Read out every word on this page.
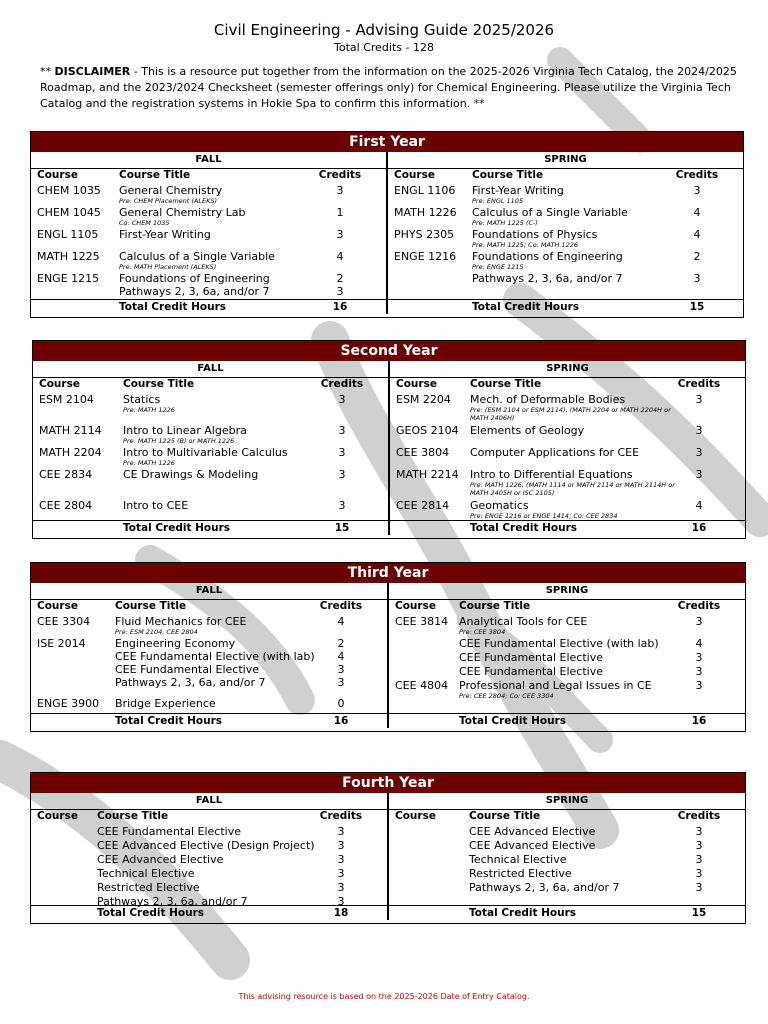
Civil Engineering - Advising Guide 2025/2026
Total Credits - 128
** DISCLAIMER - This is a resource put together from the information on the 2025-2026 Virginia Tech Catalog, the 2024/2025 Roadmap, and the 2023/2024 Checksheet (semester offerings only) for Chemical Engineering. Please utilize the Virginia Tech Catalog and the registration systems in Hokie Spa to confirm this information. **
First Year
FALL
Course	Course Title	Credits
CHEM 1035 General Chemistry	3
Pre: CHEM Placement (ALEKS)
CHEM 1045 General Chemistry Lab	1
Co: CHEM 1035
ENGL 1105 First-Year Writing	3
MATH 1225 Calculus of a Single Variable	4
Pre: MATH Placement (ALEKS)
ENGE 1215 Foundations of Engineering	2
Pathways 2, 3, 6a, and/or 7	3
Total Credit Hours	16
SPRING
Course	Course Title	Credits
ENGL 1106 First-Year Writing	3
Pre: ENGL 1105
MATH 1226 Calculus of a Single Variable	4
Pre: MATH 1225 (C-)
PHYS 2305 Foundations of Physics	4
Pre: MATH 1225; Co: MATH 1226
ENGE 1216 Foundations of Engineering	2
Pre: ENGE 1215
Pathways 2, 3, 6a, and/or 7	3
Total Credit Hours	15
Second Year
FALL
Course	Course Title	Credits
ESM 2104	Statics	3
Pre: MATH 1226
MATH 2114 Intro to Linear Algebra	3
Pre: MATH 1225 (B) or MATH 1226
MATH 2204 Intro to Multivariable Calculus	3
Pre: MATH 1226
CEE 2834	CE Drawings & Modeling	3
CEE 2804	Intro to CEE	3
Total Credit Hours	15
SPRING
Course	Course Title	Credits
ESM 2204 Mech. of Deformable Bodies	3
Pre: (ESM 2104 or ESM 2114), (MATH 2204 or MATH 2204H or MATH 2406H)
GEOS 2104 Elements of Geology	3
CEE 3804 Computer Applications for CEE	3
MATH 2214 Intro to Differential Equations	3
Pre: MATH 1226, (MATH 1114 or MATH 2114 or MATH 2114H or MATH 2405H or ISC 2105)
CEE 2814 Geomatics	4
Pre: ENGE 1216 or ENGE 1414; Co: CEE 2834
Total Credit Hours	16
Third Year
FALL
Course	Course Title	Credits
CEE 3304 Fluid Mechanics for CEE	4
Pre: ESM 2104, CEE 2804
ISE 2014	Engineering Economy	2
CEE Fundamental Elective (with lab)	4
CEE Fundamental Elective	3
Pathways 2, 3, 6a, and/or 7	3
ENGE 3900 Bridge Experience	0
Total Credit Hours	16
SPRING
Course Course Title	Credits
CEE 3814 Analytical Tools for CEE	3
Pre: CEE 3804
CEE Fundamental Elective (with lab)	4
CEE Fundamental Elective	3
CEE Fundamental Elective	3
CEE 4804 Professional and Legal Issues in CE	3
Pre: CEE 2804; Co: CEE 3304
Total Credit Hours	16
Fourth Year
FALL
Course Course Title	Credits
CEE Fundamental Elective	3
CEE Advanced Elective (Design Project)	3
CEE Advanced Elective	3
Technical Elective	3
Restricted Elective	3
Pathways 2, 3, 6a, and/or 7	3
Total Credit Hours	18
SPRING
Course	Course Title	Credits
CEE Advanced Elective	3
CEE Advanced Elective	3
Technical Elective	3
Restricted Elective	3
Pathways 2, 3, 6a, and/or 7	3
Total Credit Hours	15
This advising resource is based on the 2025-2026 Date of Entry Catalog.
